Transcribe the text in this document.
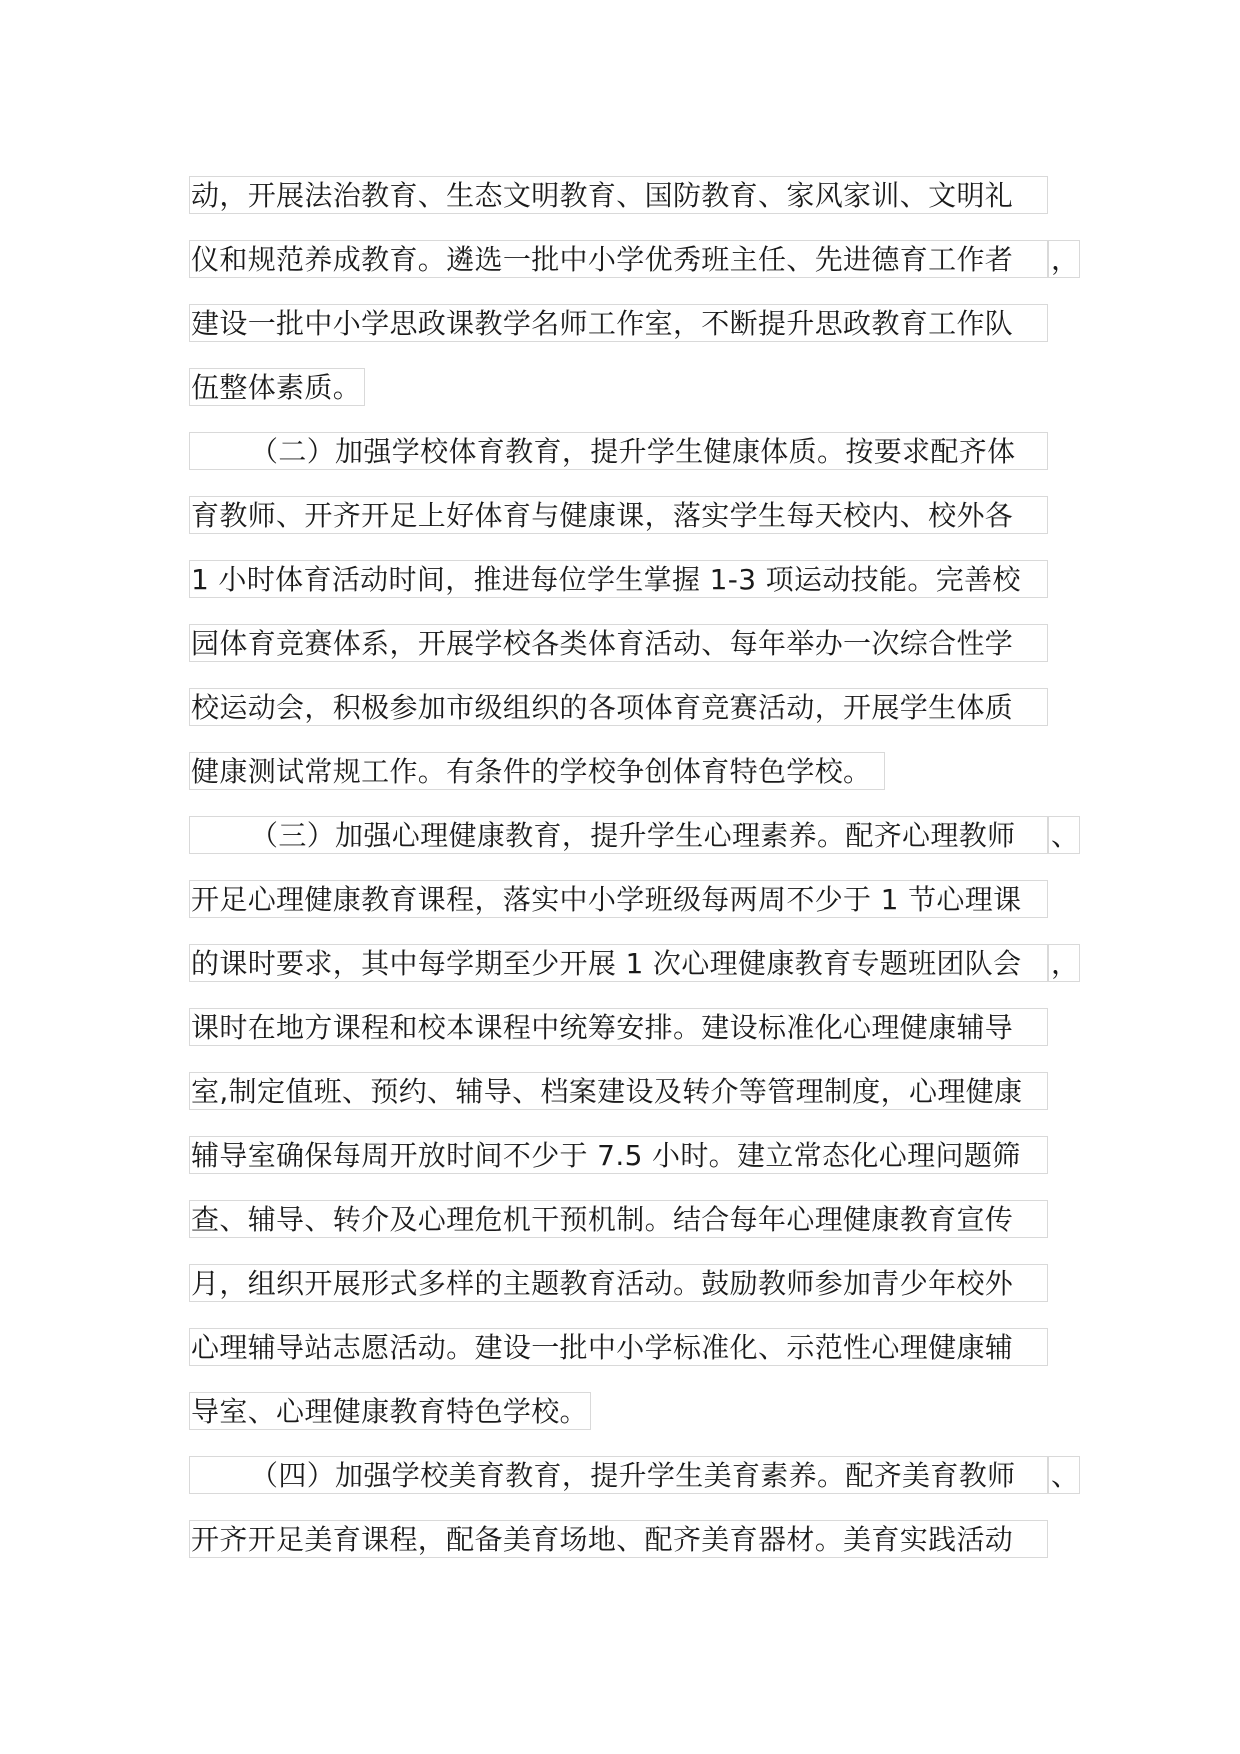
动，开展法治教育、生态文明教育、国防教育、家风家训、文明礼
仪和规范养成教育。遴选一批中小学优秀班主任、先进德育工作者	，
建设一批中小学思政课教学名师工作室，不断提升思政教育工作队
伍整体素质。
（二）加强学校体育教育，提升学生健康体质。按要求配齐体
育教师、开齐开足上好体育与健康课，落实学生每天校内、校外各
1 小时体育活动时间，推进每位学生掌握 1-3 项运动技能。完善校
园体育竞赛体系，开展学校各类体育活动、每年举办一次综合性学
校运动会，积极参加市级组织的各项体育竞赛活动，开展学生体质
健康测试常规工作。有条件的学校争创体育特色学校。
（三）加强心理健康教育，提升学生心理素养。配齐心理教师	、
开足心理健康教育课程，落实中小学班级每两周不少于 1 节心理课
的课时要求，其中每学期至少开展 1 次心理健康教育专题班团队会	，
课时在地方课程和校本课程中统筹安排。建设标准化心理健康辅导
室,制定值班、预约、辅导、档案建设及转介等管理制度，心理健康
辅导室确保每周开放时间不少于 7.5 小时。建立常态化心理问题筛
查、辅导、转介及心理危机干预机制。结合每年心理健康教育宣传
月，组织开展形式多样的主题教育活动。鼓励教师参加青少年校外
心理辅导站志愿活动。建设一批中小学标准化、示范性心理健康辅
导室、心理健康教育特色学校。
（四）加强学校美育教育，提升学生美育素养。配齐美育教师	、
开齐开足美育课程，配备美育场地、配齐美育器材。美育实践活动
